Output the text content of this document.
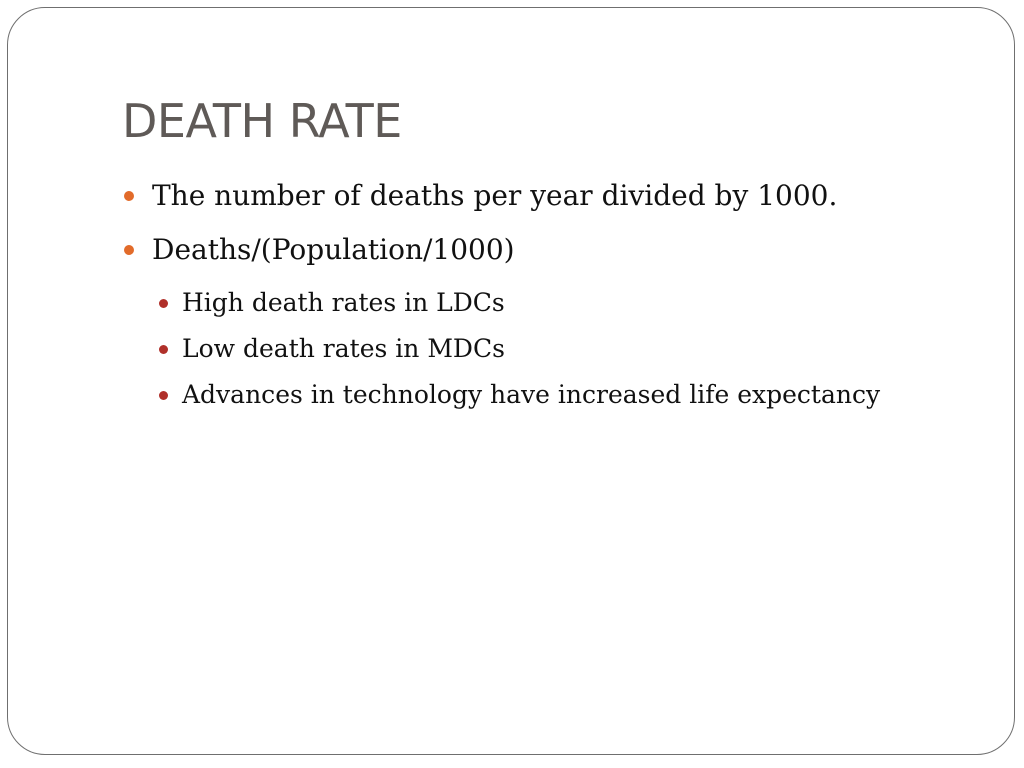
DEATH RATE
The number of deaths per year divided by 1000.
Deaths/(Population/1000)
High death rates in LDCs
Low death rates in MDCs
Advances in technology have increased life expectancy
